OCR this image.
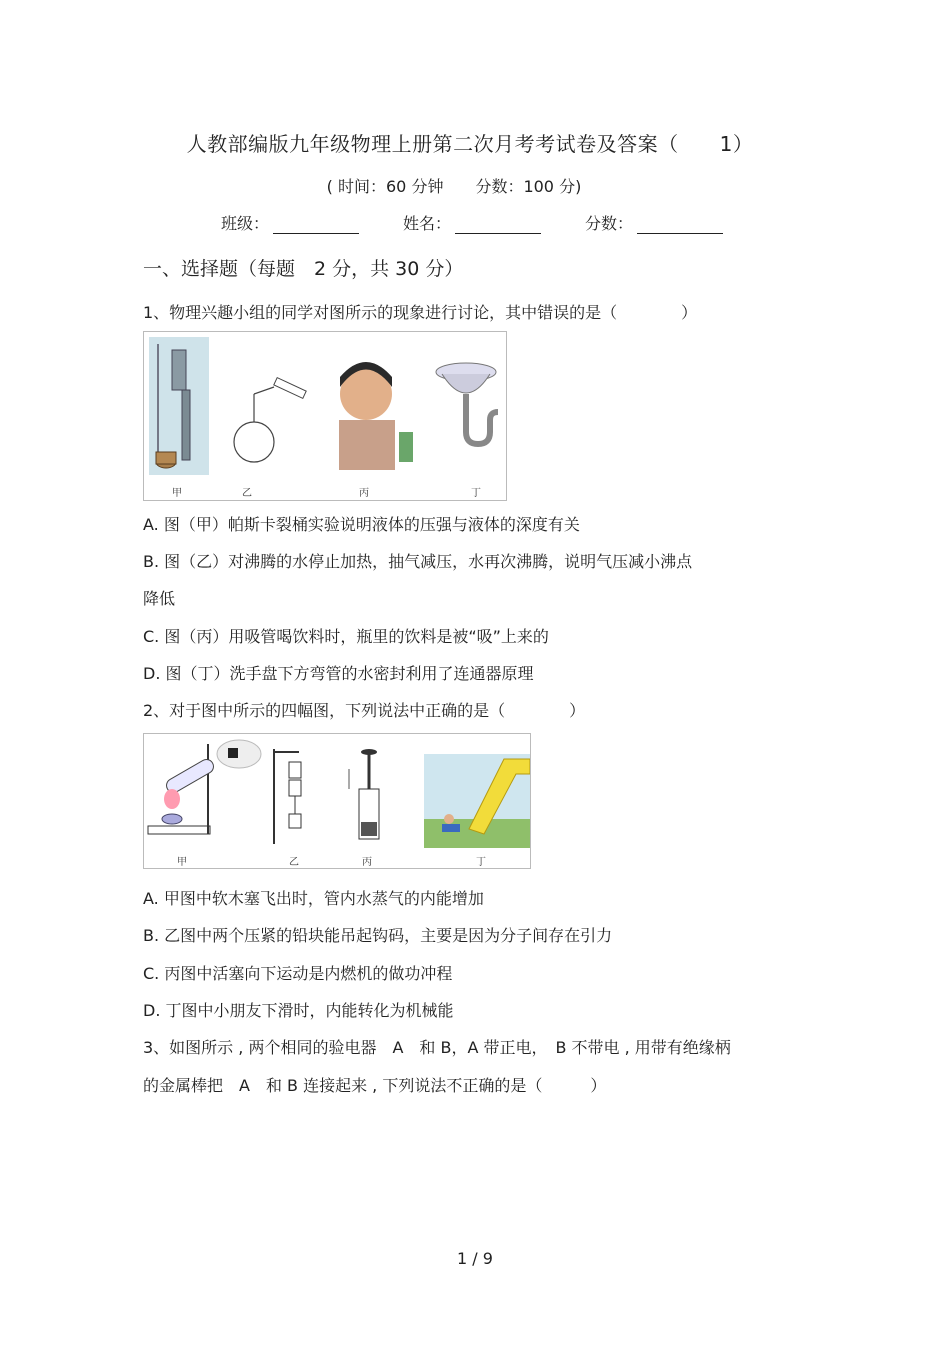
人教部编版九年级物理上册第二次月考考试卷及答案（　　1）
( 时间：60 分钟　　分数：100 分)
班级：	姓名：	分数：
一、选择题（每题　2 分，共 30 分）
1、物理兴趣小组的同学对图所示的现象进行讨论，其中错误的是（　　　　）
甲	乙	丙	丁
A. 图（甲）帕斯卡裂桶实验说明液体的压强与液体的深度有关
B. 图（乙）对沸腾的水停止加热，抽气减压，水再次沸腾，说明气压减小沸点
降低
C. 图（丙）用吸管喝饮料时，瓶里的饮料是被“吸”上来的
D. 图（丁）洗手盘下方弯管的水密封利用了连通器原理
2、对于图中所示的四幅图，下列说法中正确的是（　　　　）
甲	乙	丙	丁
A. 甲图中软木塞飞出时，管内水蒸气的内能增加
B. 乙图中两个压紧的铅块能吊起钩码，主要是因为分子间存在引力
C. 丙图中活塞向下运动是内燃机的做功冲程
D. 丁图中小朋友下滑时，内能转化为机械能
3、如图所示 , 两个相同的验电器　A　和 B，A 带正电，　B 不带电 , 用带有绝缘柄
的金属棒把　A　和 B 连接起来 , 下列说法不正确的是（　　　）
1 / 9
